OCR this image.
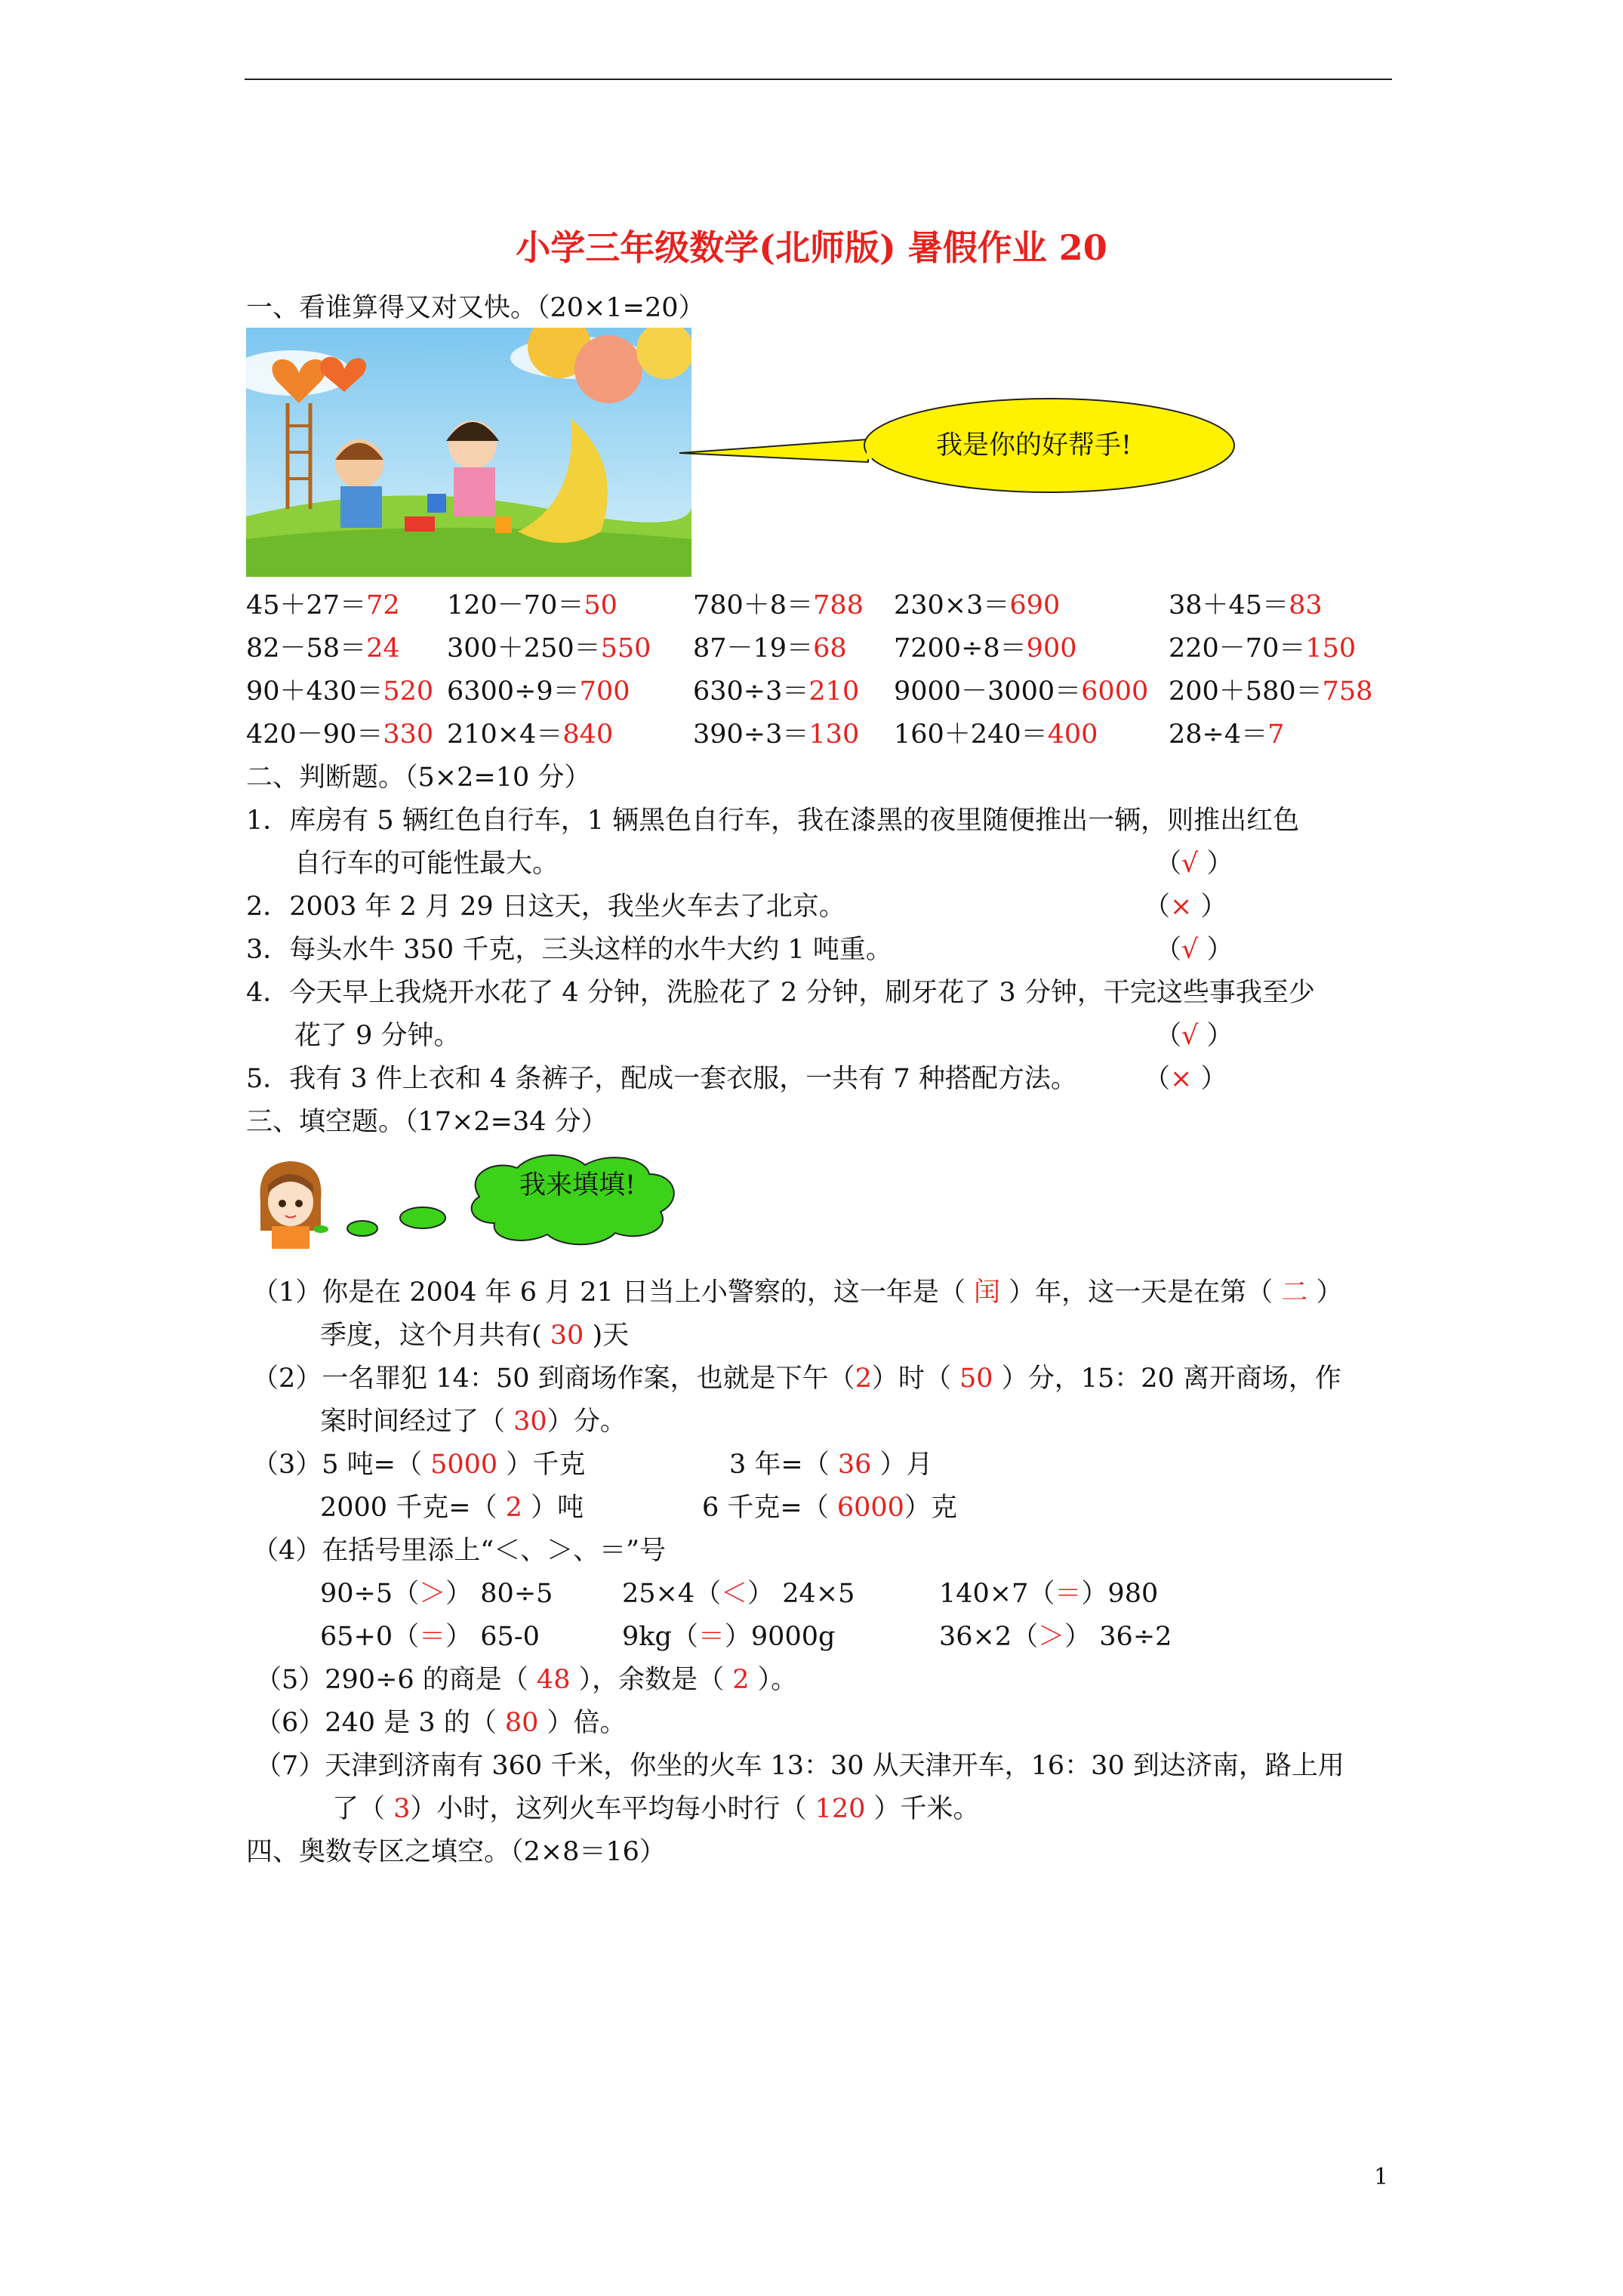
小学三年级数学(北师版) 暑假作业 20
一、看谁算得又对又快。（20×1=20）
我是你的好帮手!
45＋27＝72 120－70＝50	780＋8＝788 230×3＝690	38＋45＝83
82－58＝24 300＋250＝550 87－19＝68 7200÷8＝900	220－70＝150
90＋430＝520 6300÷9＝700 630÷3＝210 9000－3000＝6000 200＋580＝758
420－90＝330 210×4＝840	390÷3＝130 160＋240＝400	28÷4＝7
二、判断题。（5×2=10 分）
1．库房有 5 辆红色自行车，1 辆黑色自行车，我在漆黑的夜里随便推出一辆，则推出红色
自行车的可能性最大。	（√ ）
2．2003 年 2 月 29 日这天，我坐火车去了北京。	（× ）
3．每头水牛 350 千克，三头这样的水牛大约 1 吨重。	（√ ）
4．今天早上我烧开水花了 4 分钟，洗脸花了 2 分钟，刷牙花了 3 分钟，干完这些事我至少
花了 9 分钟。	（√ ）
5．我有 3 件上衣和 4 条裤子，配成一套衣服，一共有 7 种搭配方法。	（× ）
三、填空题。（17×2=34 分）
我来填填!
（1）你是在 2004 年 6 月 21 日当上小警察的，这一年是（ 闰 ）年，这一天是在第（ 二 ）
季度，这个月共有( 30 )天
（2）一名罪犯 14：50 到商场作案，也就是下午（2）时（ 50 ）分，15：20 离开商场，作
案时间经过了（ 30）分。
（3）5 吨=（ 5000 ）千克	3 年=（ 36 ）月
2000 千克=（ 2 ）吨	6 千克=（ 6000）克
（4）在括号里添上“＜、＞、＝”号
90÷5（＞） 80÷5	25×4（＜） 24×5	140×7（＝）980
65+0（＝） 65-0	9kg（＝）9000g	36×2（＞） 36÷2
（5）290÷6 的商是（ 48 ），余数是（ 2 ）。
（6）240 是 3 的（ 80 ）倍。
（7）天津到济南有 360 千米，你坐的火车 13：30 从天津开车，16：30 到达济南，路上用
了（ 3）小时，这列火车平均每小时行（ 120 ）千米。
四、奥数专区之填空。（2×8＝16）
1
